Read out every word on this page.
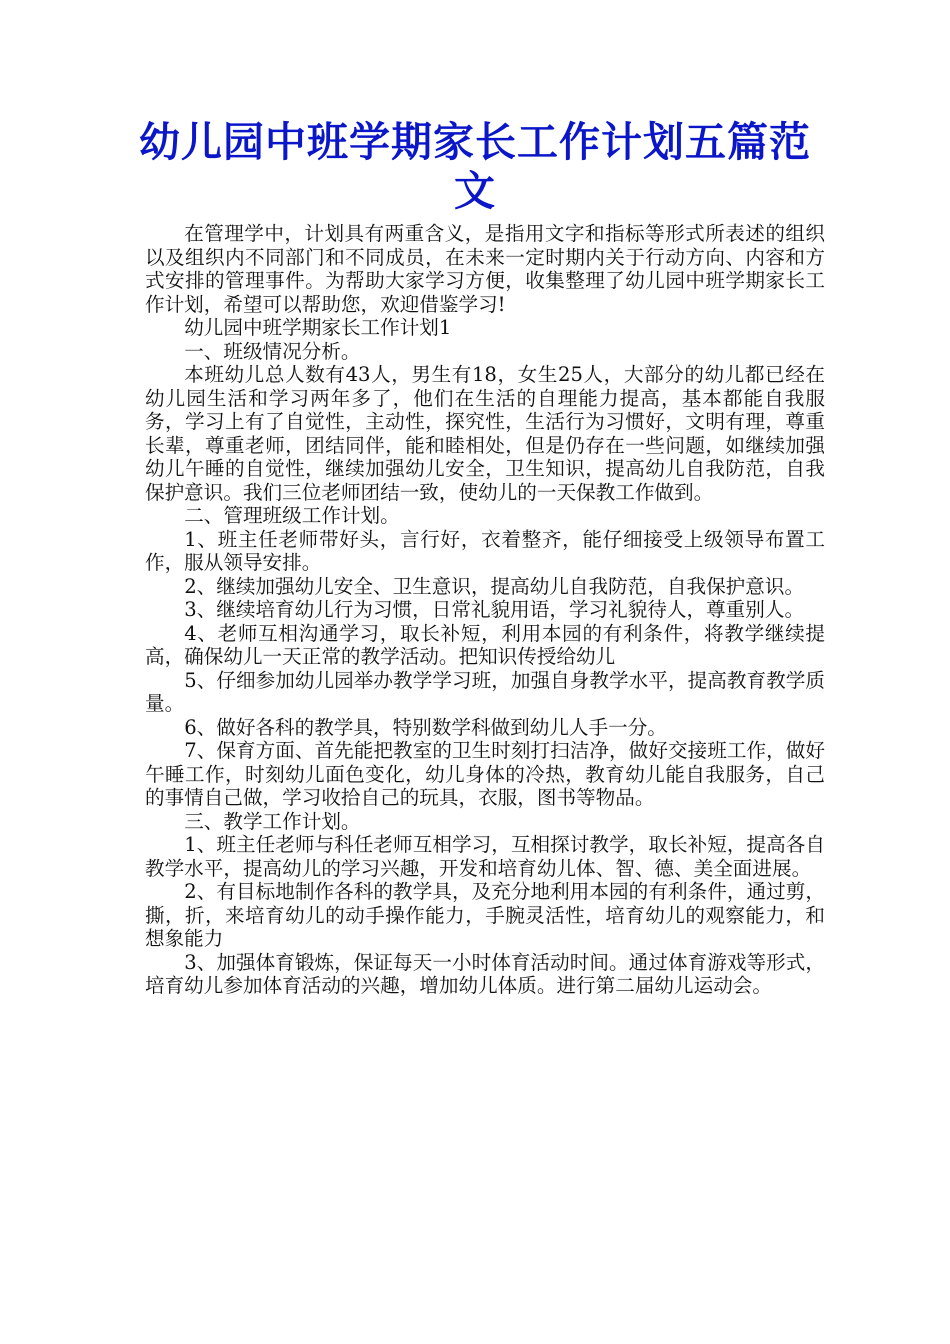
幼儿园中班学期家长工作计划五篇范文

在管理学中，计划具有两重含义，是指用文字和指标等形式所表述的组织以及组织内不同部门和不同成员，在未来一定时期内关于行动方向、内容和方式安排的管理事件。为帮助大家学习方便，收集整理了幼儿园中班学期家长工作计划，希望可以帮助您，欢迎借鉴学习!

幼儿园中班学期家长工作计划1

一、班级情况分析。

本班幼儿总人数有43人，男生有18，女生25人，大部分的幼儿都已经在幼儿园生活和学习两年多了，他们在生活的自理能力提高，基本都能自我服务，学习上有了自觉性，主动性，探究性，生活行为习惯好，文明有理，尊重长辈，尊重老师，团结同伴，能和睦相处，但是仍存在一些问题，如继续加强幼儿午睡的自觉性，继续加强幼儿安全，卫生知识，提高幼儿自我防范，自我保护意识。我们三位老师团结一致，使幼儿的一天保教工作做到。

二、管理班级工作计划。

1、班主任老师带好头，言行好，衣着整齐，能仔细接受上级领导布置工作，服从领导安排。

2、继续加强幼儿安全、卫生意识，提高幼儿自我防范，自我保护意识。

3、继续培育幼儿行为习惯，日常礼貌用语，学习礼貌待人，尊重别人。

4、老师互相沟通学习，取长补短，利用本园的有利条件，将教学继续提高，确保幼儿一天正常的教学活动。把知识传授给幼儿

5、仔细参加幼儿园举办教学学习班，加强自身教学水平，提高教育教学质量。

6、做好各科的教学具，特别数学科做到幼儿人手一分。

7、保育方面、首先能把教室的卫生时刻打扫洁净，做好交接班工作，做好午睡工作，时刻幼儿面色变化，幼儿身体的冷热，教育幼儿能自我服务，自己的事情自己做，学习收拾自己的玩具，衣服，图书等物品。

三、教学工作计划。

1、班主任老师与科任老师互相学习，互相探讨教学，取长补短，提高各自教学水平，提高幼儿的学习兴趣，开发和培育幼儿体、智、德、美全面进展。

2、有目标地制作各科的教学具，及充分地利用本园的有利条件，通过剪，撕，折，来培育幼儿的动手操作能力，手腕灵活性，培育幼儿的观察能力，和想象能力

3、加强体育锻炼，保证每天一小时体育活动时间。通过体育游戏等形式，培育幼儿参加体育活动的兴趣，增加幼儿体质。进行第二届幼儿运动会。
